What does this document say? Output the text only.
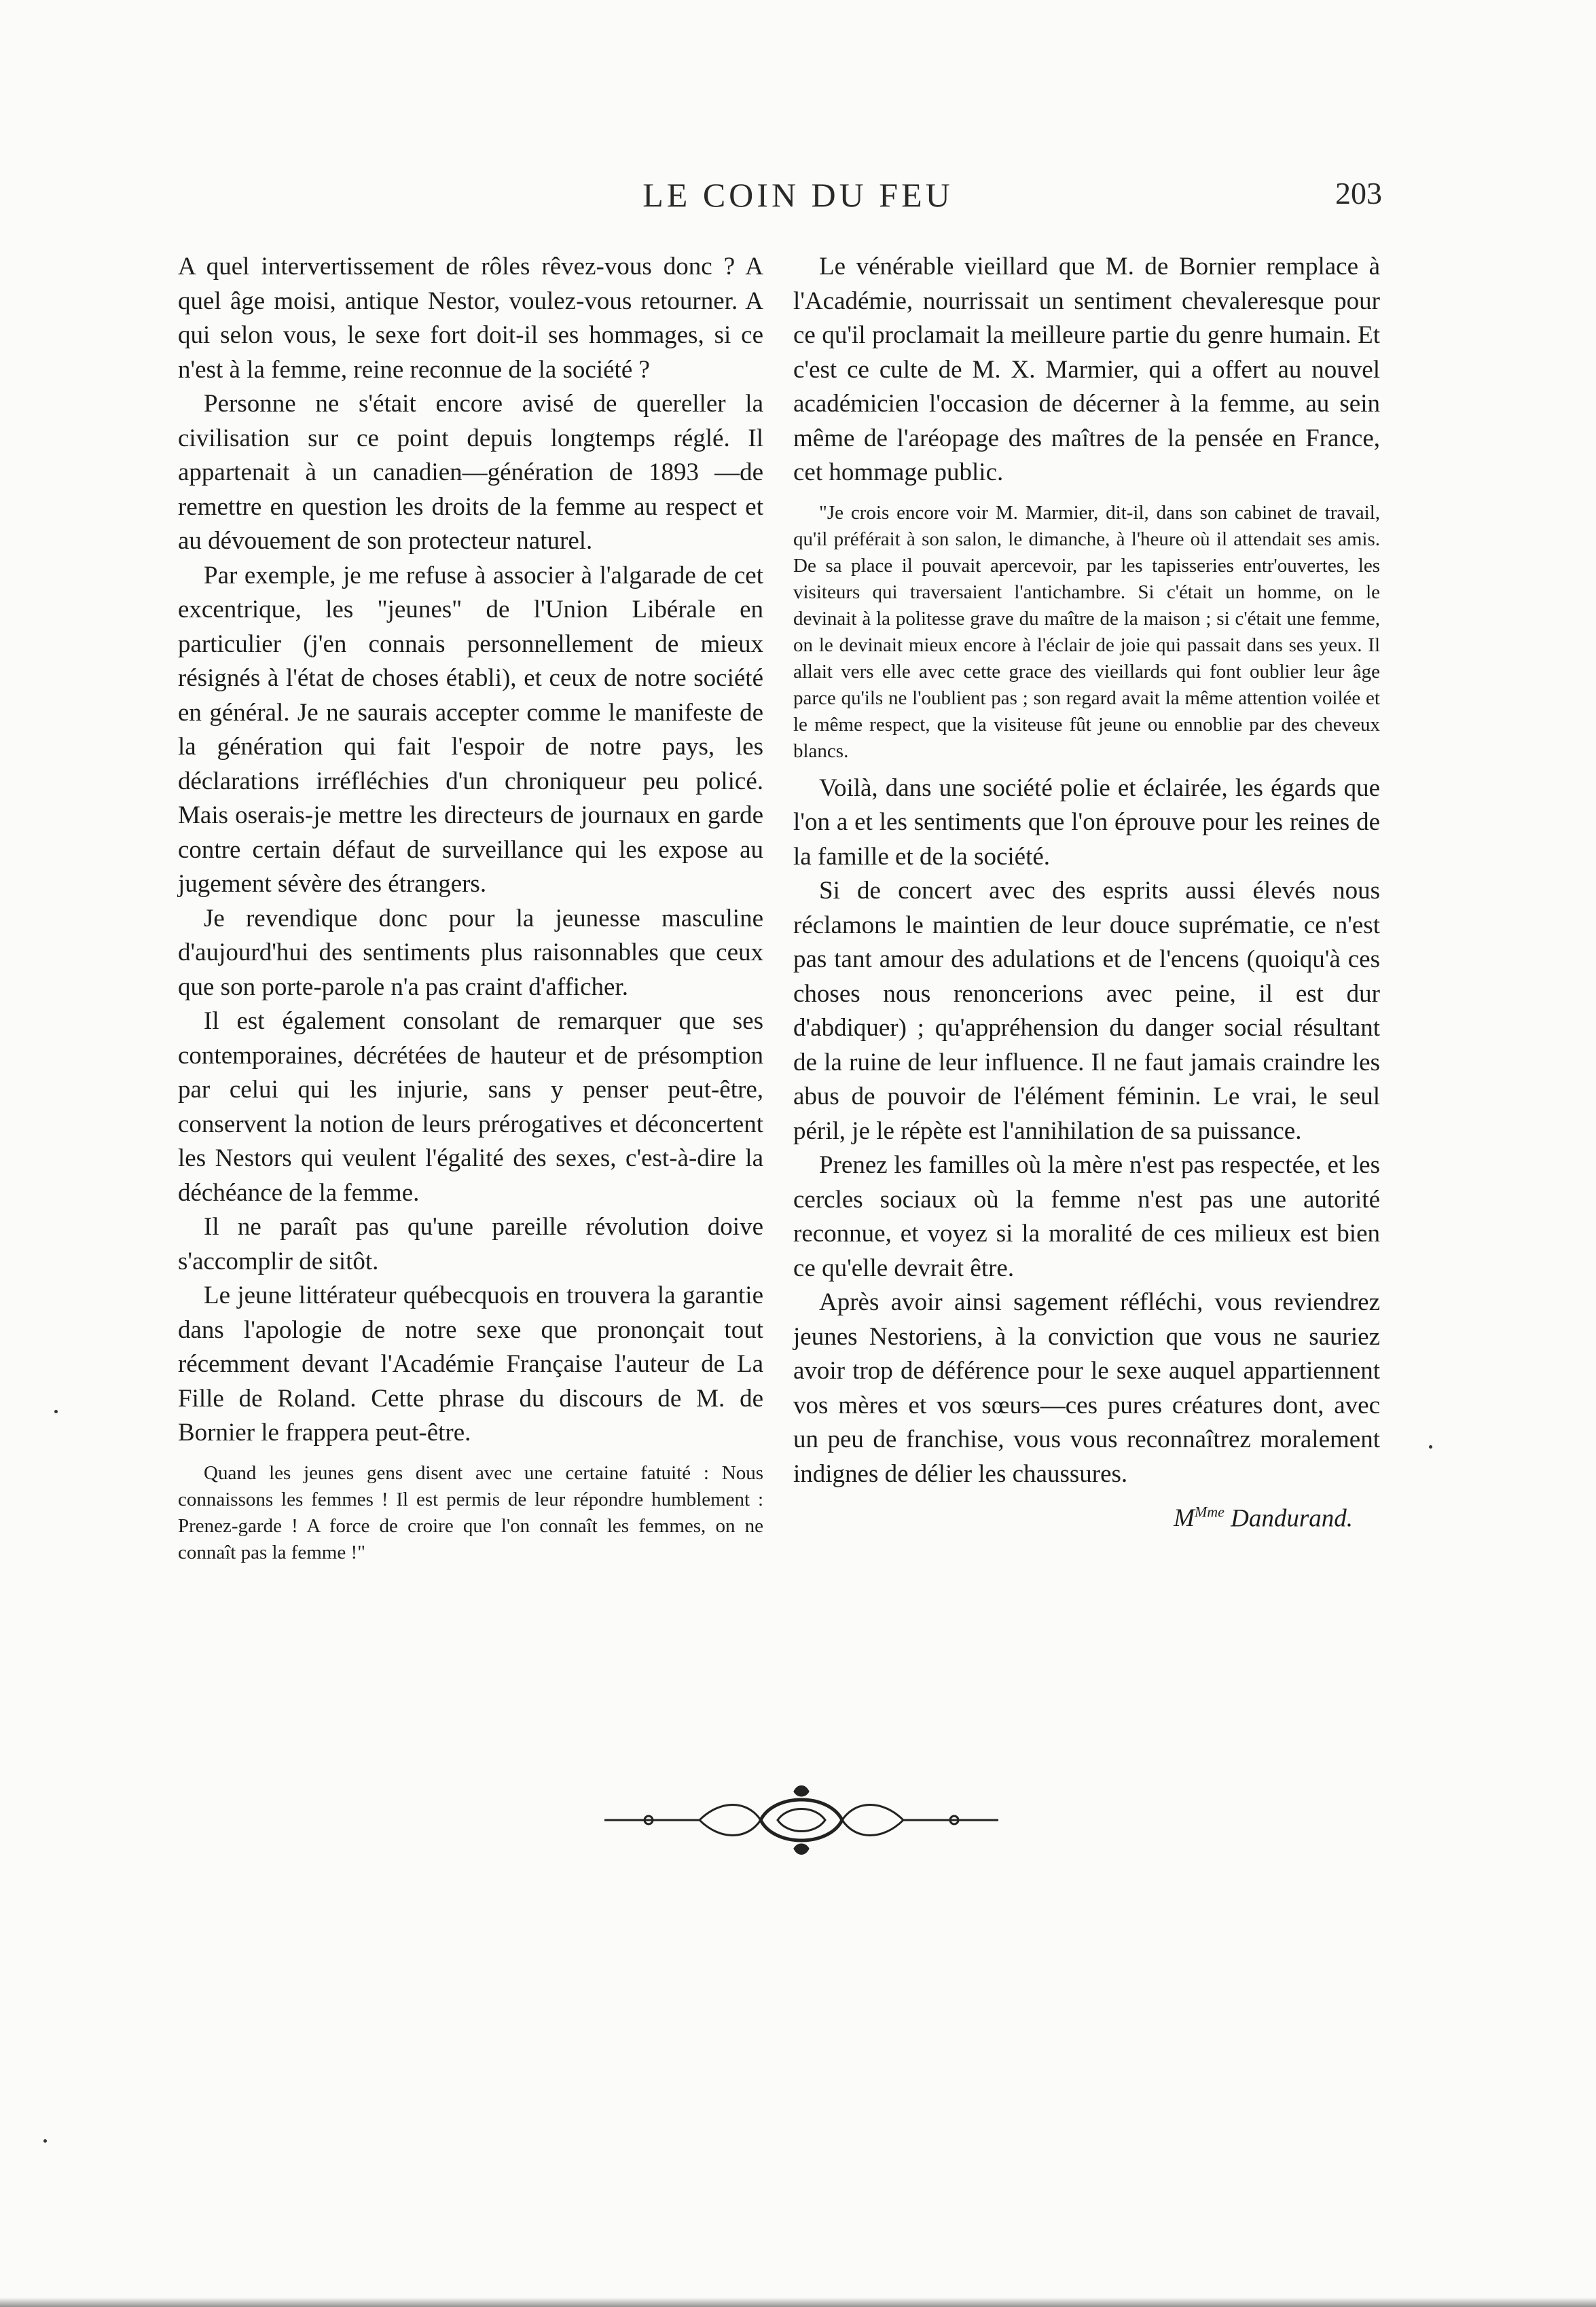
LE COIN DU FEU	203

A quel intervertissement de rôles rêvez-vous donc ? A quel âge moisi, antique Nestor, voulez-vous retourner. A qui selon vous, le sexe fort doit-il ses hommages, si ce n'est à la femme, reine reconnue de la société ?

Personne ne s'était encore avisé de quereller la civilisation sur ce point depuis longtemps réglé. Il appartenait à un canadien—génération de 1893 —de remettre en question les droits de la femme au respect et au dévouement de son protecteur naturel.

Par exemple, je me refuse à associer à l'algarade de cet excentrique, les "jeunes" de l'Union Libérale en particulier (j'en connais personnellement de mieux résignés à l'état de choses établi), et ceux de notre société en général. Je ne saurais accepter comme le manifeste de la génération qui fait l'espoir de notre pays, les déclarations irréfléchies d'un chroniqueur peu policé. Mais oserais-je mettre les directeurs de journaux en garde contre certain défaut de surveillance qui les expose au jugement sévère des étrangers.

Je revendique donc pour la jeunesse masculine d'aujourd'hui des sentiments plus raisonnables que ceux que son porte-parole n'a pas craint d'afficher.

Il est également consolant de remarquer que ses contemporaines, décrétées de hauteur et de présomption par celui qui les injurie, sans y penser peut-être, conservent la notion de leurs prérogatives et déconcertent les Nestors qui veulent l'égalité des sexes, c'est-à-dire la déchéance de la femme.

Il ne paraît pas qu'une pareille révolution doive s'accomplir de sitôt.

Le jeune littérateur québecquois en trouvera la garantie dans l'apologie de notre sexe que prononçait tout récemment devant l'Académie Française l'auteur de La Fille de Roland. Cette phrase du discours de M. de Bornier le frappera peut-être.

Quand les jeunes gens disent avec une certaine fatuité : Nous connaissons les femmes ! Il est permis de leur répondre humblement : Prenez-garde ! A force de croire que l'on connaît les femmes, on ne connaît pas la femme !"

Le vénérable vieillard que M. de Bornier remplace à l'Académie, nourrissait un sentiment chevaleresque pour ce qu'il proclamait la meilleure partie du genre humain. Et c'est ce culte de M. X. Marmier, qui a offert au nouvel académicien l'occasion de décerner à la femme, au sein même de l'aréopage des maîtres de la pensée en France, cet hommage public.

"Je crois encore voir M. Marmier, dit-il, dans son cabinet de travail, qu'il préférait à son salon, le dimanche, à l'heure où il attendait ses amis. De sa place il pouvait apercevoir, par les tapisseries entr'ouvertes, les visiteurs qui traversaient l'antichambre. Si c'était un homme, on le devinait à la politesse grave du maître de la maison ; si c'était une femme, on le devinait mieux encore à l'éclair de joie qui passait dans ses yeux. Il allait vers elle avec cette grace des vieillards qui font oublier leur âge parce qu'ils ne l'oublient pas ; son regard avait la même attention voilée et le même respect, que la visiteuse fût jeune ou ennoblie par des cheveux blancs.

Voilà, dans une société polie et éclairée, les égards que l'on a et les sentiments que l'on éprouve pour les reines de la famille et de la société.

Si de concert avec des esprits aussi élevés nous réclamons le maintien de leur douce suprématie, ce n'est pas tant amour des adulations et de l'encens (quoiqu'à ces choses nous renoncerions avec peine, il est dur d'abdiquer) ; qu'appréhension du danger social résultant de la ruine de leur influence. Il ne faut jamais craindre les abus de pouvoir de l'élément féminin. Le vrai, le seul péril, je le répète est l'annihilation de sa puissance.

Prenez les familles où la mère n'est pas respectée, et les cercles sociaux où la femme n'est pas une autorité reconnue, et voyez si la moralité de ces milieux est bien ce qu'elle devrait être.

Après avoir ainsi sagement réfléchi, vous reviendrez jeunes Nestoriens, à la conviction que vous ne sauriez avoir trop de déférence pour le sexe auquel appartiennent vos mères et vos sœurs—ces pures créatures dont, avec un peu de franchise, vous vous reconnaîtrez moralement indignes de délier les chaussures.

$M^{Mme}$ Dandurand.
